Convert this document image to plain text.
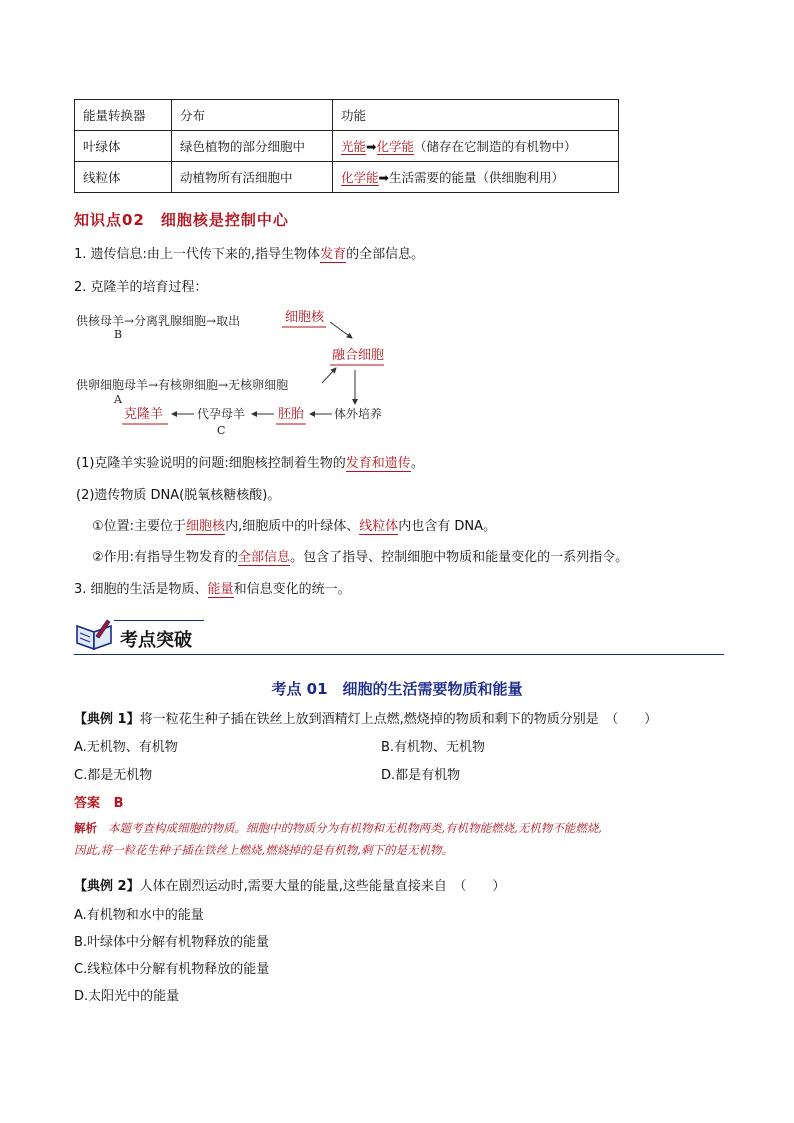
能量转换器	分布	功能
叶绿体	绿色植物的部分细胞中	光能➡化学能（储存在它制造的有机物中）
线粒体	动植物所有活细胞中	化学能➡生活需要的能量（供细胞利用）
知识点02　细胞核是控制中心
1. 遗传信息:由上一代传下来的,指导生物体发育的全部信息。
2. 克隆羊的培育过程：
供核母羊→分离乳腺细胞→取出
B
细胞核
融合细胞
供卵细胞母羊→有核卵细胞→无核卵细胞
A
克隆羊	代孕母羊
C
胚胎 体外培养
(1)克隆羊实验说明的问题:细胞核控制着生物的发育和遗传。
(2)遗传物质 DNA(脱氧核糖核酸)。
①位置:主要位于细胞核内,细胞质中的叶绿体、线粒体内也含有 DNA。
②作用:有指导生物发育的全部信息。包含了指导、控制细胞中物质和能量变化的一系列指令。
3. 细胞的生活是物质、能量和信息变化的统一。
考点突破
考点 01　细胞的生活需要物质和能量
【典例 1】将一粒花生种子插在铁丝上放到酒精灯上点燃,燃烧掉的物质和剩下的物质分别是　（　　）
A.无机物、有机物	B.有机物、无机物
C.都是无机物	D.都是有机物
答案 B
解析 本题考查构成细胞的物质。细胞中的物质分为有机物和无机物两类,有机物能燃烧,无机物不能燃烧,
因此,将一粒花生种子插在铁丝上燃烧,燃烧掉的是有机物,剩下的是无机物。
【典例 2】人体在剧烈运动时,需要大量的能量,这些能量直接来自　（　　）
A.有机物和水中的能量
B.叶绿体中分解有机物释放的能量
C.线粒体中分解有机物释放的能量
D.太阳光中的能量
